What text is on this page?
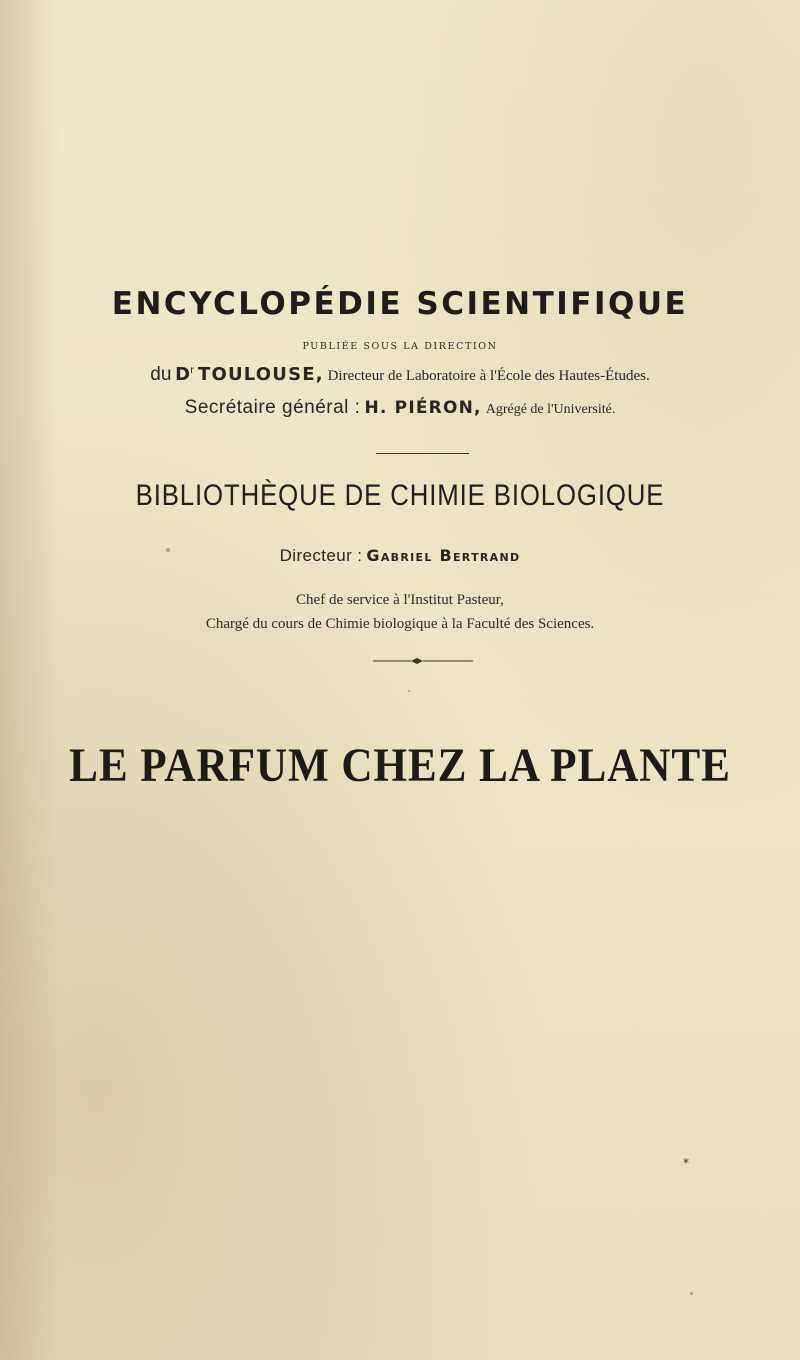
ENCYCLOPÉDIE SCIENTIFIQUE
PUBLIÉE SOUS LA DIRECTION
du $D^r$ TOULOUSE, Directeur de Laboratoire à l'École des Hautes-Études.
Secrétaire général : H. PIÉRON, Agrégé de l'Université.
BIBLIOTHÈQUE DE CHIMIE BIOLOGIQUE
Directeur : Gabriel Bertrand
Chef de service à l'Institut Pasteur,
Chargé du cours de Chimie biologique à la Faculté des Sciences.
LE PARFUM CHEZ LA PLANTE
*
